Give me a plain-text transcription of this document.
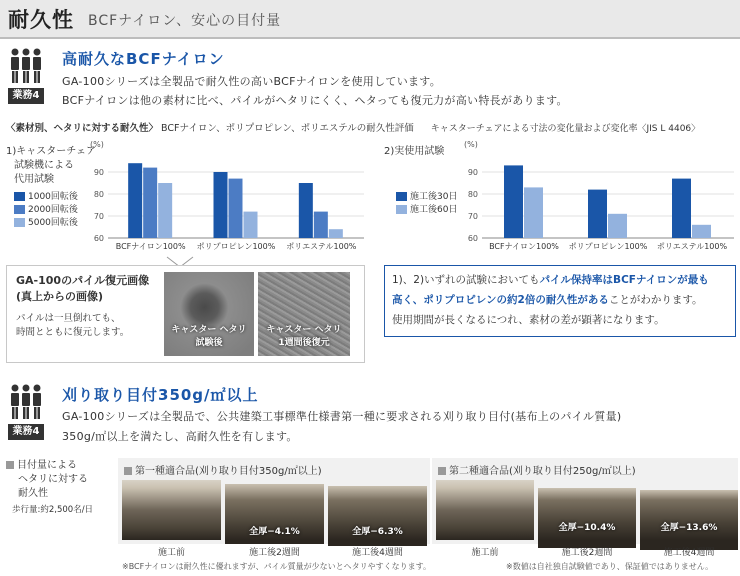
耐久性 BCFナイロン、安心の目付量
業務4
高耐久なBCFナイロン
GA-100シリーズは全製品で耐久性の高いBCFナイロンを使用しています。
BCFナイロンは他の素材に比べ、パイルがヘタリにくく、ヘタっても復元力が高い特長があります。
〈素材別、ヘタリに対する耐久性〉 BCFナイロン、ポリプロピレン、ポリエステルの耐久性評価 キャスターチェアによる寸法の変化量および変化率〈JIS L 4406〉
1)キャスターチェア
試験機による
代用試験
1000回転後
2000回転後
5000回転後
(%)
60
70
80
90
BCFナイロン100% ポリプロピレン100% ポリエステル100%
2)実使用試験
施工後30日
施工後60日
(%)
60
70
80
90
BCFナイロン100% ポリプロピレン100% ポリエステル100%
GA-100のパイル復元画像
(真上からの画像)
パイルは一旦倒れても、
時間とともに復元します。	キャスター ヘタリ
試験後
キャスター ヘタリ
1週間後復元
1)、2)いずれの試験においてもパイル保持率はBCFナイロンが最も
高く、ポリプロピレンの約2倍の耐久性があることがわかります。
使用期間が長くなるにつれ、素材の差が顕著になります。
業務4
刈り取り目付350g/㎡以上
GA-100シリーズは全製品で、公共建築工事標準仕様書第一種に要求される刈り取り目付(基布上のパイル質量)
350g/㎡以上を満たし、高耐久性を有します。
目付量による
ヘタリに対する
耐久性
歩行量:約2,500名/日
第一種適合品(刈り取り目付350g/㎡以上)
全厚−4.1%	全厚−6.3%
施工前	施工後2週間	施工後4週間
第二種適合品(刈り取り目付250g/㎡以上)
全厚−10.4%	全厚−13.6%
施工前	施工後2週間	施工後4週間
※BCFナイロンは耐久性に優れますが、パイル質量が少ないとヘタリやすくなります。	※数値は自社独自試験値であり、保証値ではありません。
